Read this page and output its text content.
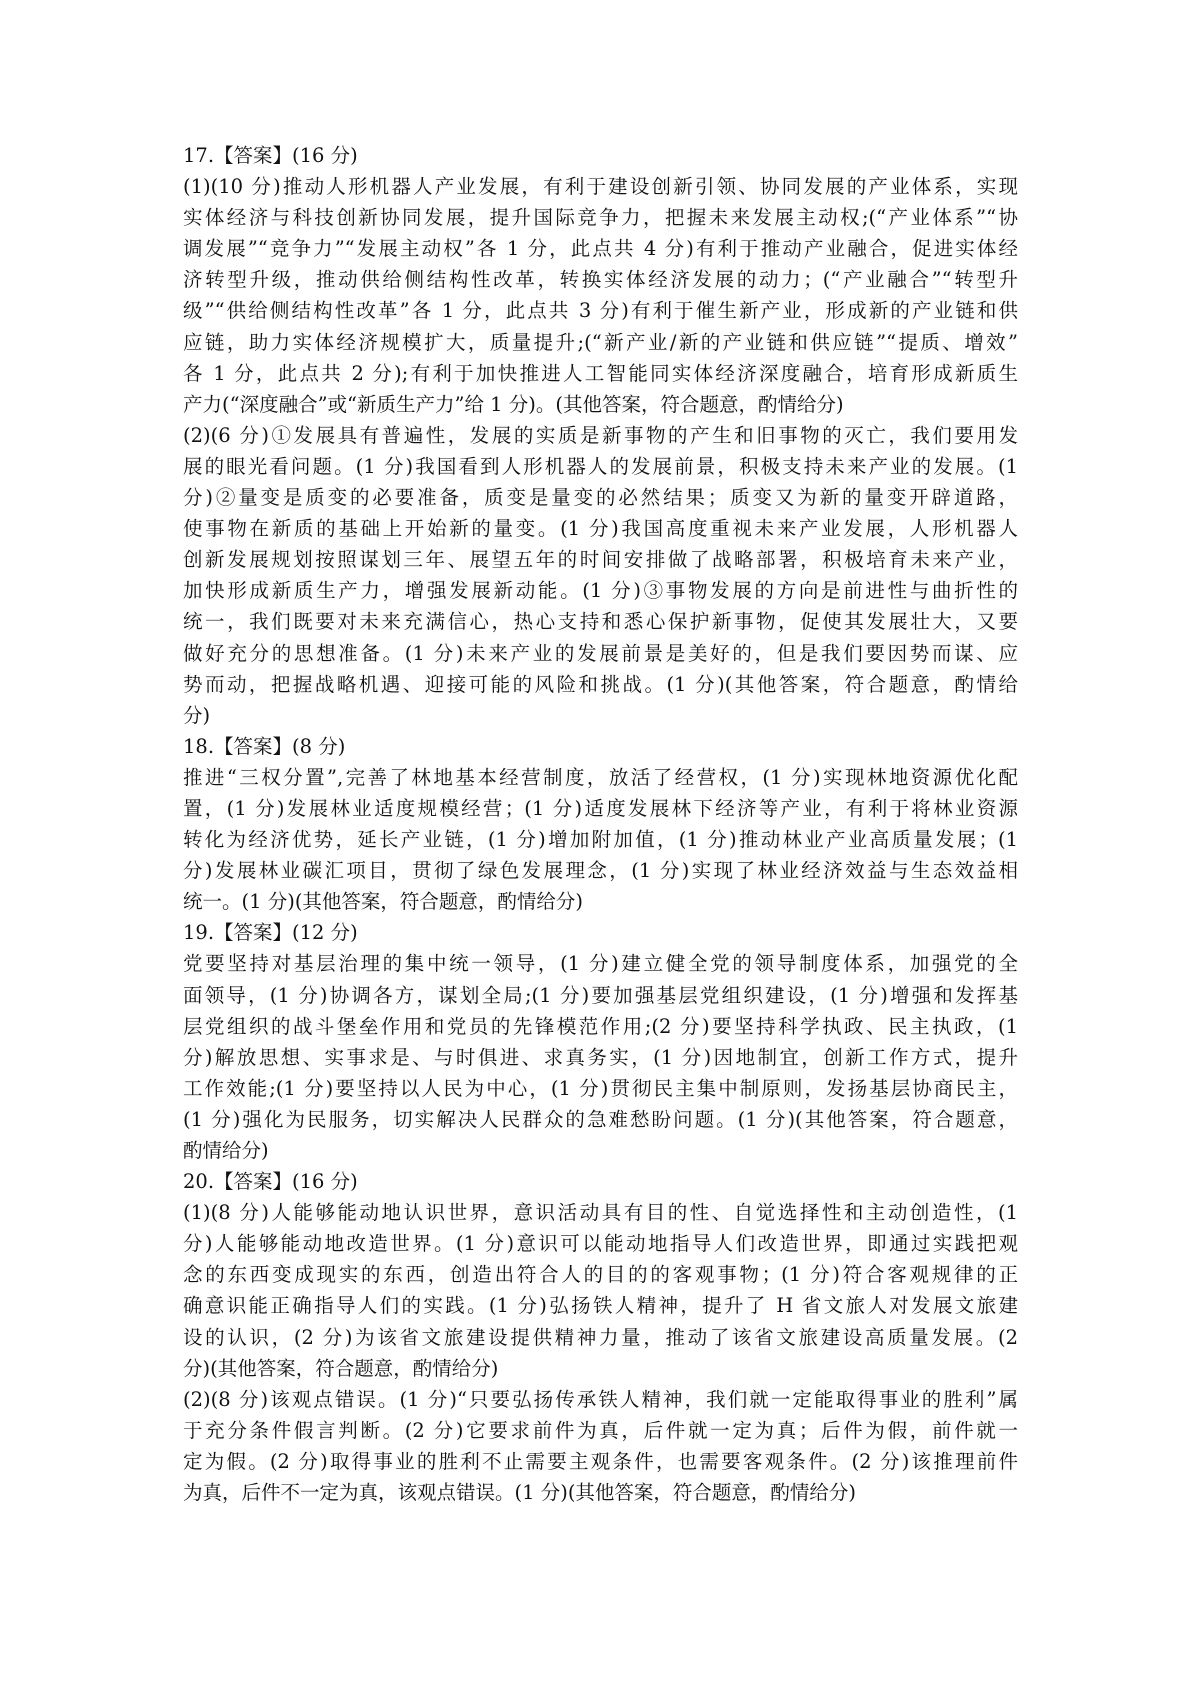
17.【答案】(16 分)
(1)(10 分)推动人形机器人产业发展，有利于建设创新引领、协同发展的产业体系，实现
实体经济与科技创新协同发展，提升国际竞争力，把握未来发展主动权;(“产业体系”“协
调发展”“竞争力”“发展主动权”各 1 分，此点共 4 分)有利于推动产业融合，促进实体经
济转型升级，推动供给侧结构性改革，转换实体经济发展的动力；(“产业融合”“转型升
级”“供给侧结构性改革”各 1 分，此点共 3 分)有利于催生新产业，形成新的产业链和供
应链，助力实体经济规模扩大，质量提升;(“新产业/新的产业链和供应链”“提质、增效”
各 1 分，此点共 2 分);有利于加快推进人工智能同实体经济深度融合，培育形成新质生
产力(“深度融合”或“新质生产力”给 1 分)。(其他答案，符合题意，酌情给分)
(2)(6 分)①发展具有普遍性，发展的实质是新事物的产生和旧事物的灭亡，我们要用发
展的眼光看问题。(1 分)我国看到人形机器人的发展前景，积极支持未来产业的发展。(1
分)②量变是质变的必要准备，质变是量变的必然结果；质变又为新的量变开辟道路，
使事物在新质的基础上开始新的量变。(1 分)我国高度重视未来产业发展，人形机器人
创新发展规划按照谋划三年、展望五年的时间安排做了战略部署，积极培育未来产业，
加快形成新质生产力，增强发展新动能。(1 分)③事物发展的方向是前进性与曲折性的
统一，我们既要对未来充满信心，热心支持和悉心保护新事物，促使其发展壮大，又要
做好充分的思想准备。(1 分)未来产业的发展前景是美好的，但是我们要因势而谋、应
势而动，把握战略机遇、迎接可能的风险和挑战。(1 分)(其他答案，符合题意，酌情给
分)
18.【答案】(8 分)
推进“三权分置”,完善了林地基本经营制度，放活了经营权，(1 分)实现林地资源优化配
置，(1 分)发展林业适度规模经营；(1 分)适度发展林下经济等产业，有利于将林业资源
转化为经济优势，延长产业链，(1 分)增加附加值，(1 分)推动林业产业高质量发展；(1
分)发展林业碳汇项目，贯彻了绿色发展理念，(1 分)实现了林业经济效益与生态效益相
统一。(1 分)(其他答案，符合题意，酌情给分)
19.【答案】(12 分)
党要坚持对基层治理的集中统一领导，(1 分)建立健全党的领导制度体系，加强党的全
面领导，(1 分)协调各方，谋划全局;(1 分)要加强基层党组织建设，(1 分)增强和发挥基
层党组织的战斗堡垒作用和党员的先锋模范作用;(2 分)要坚持科学执政、民主执政，(1
分)解放思想、实事求是、与时俱进、求真务实，(1 分)因地制宜，创新工作方式，提升
工作效能;(1 分)要坚持以人民为中心，(1 分)贯彻民主集中制原则，发扬基层协商民主，
(1 分)强化为民服务，切实解决人民群众的急难愁盼问题。(1 分)(其他答案，符合题意，
酌情给分)
20.【答案】(16 分)
(1)(8 分)人能够能动地认识世界，意识活动具有目的性、自觉选择性和主动创造性，(1
分)人能够能动地改造世界。(1 分)意识可以能动地指导人们改造世界，即通过实践把观
念的东西变成现实的东西，创造出符合人的目的的客观事物；(1 分)符合客观规律的正
确意识能正确指导人们的实践。(1 分)弘扬铁人精神，提升了 H 省文旅人对发展文旅建
设的认识，(2 分)为该省文旅建设提供精神力量，推动了该省文旅建设高质量发展。(2
分)(其他答案，符合题意，酌情给分)
(2)(8 分)该观点错误。(1 分)“只要弘扬传承铁人精神，我们就一定能取得事业的胜利”属
于充分条件假言判断。(2 分)它要求前件为真，后件就一定为真；后件为假，前件就一
定为假。(2 分)取得事业的胜利不止需要主观条件，也需要客观条件。(2 分)该推理前件
为真，后件不一定为真，该观点错误。(1 分)(其他答案，符合题意，酌情给分)
